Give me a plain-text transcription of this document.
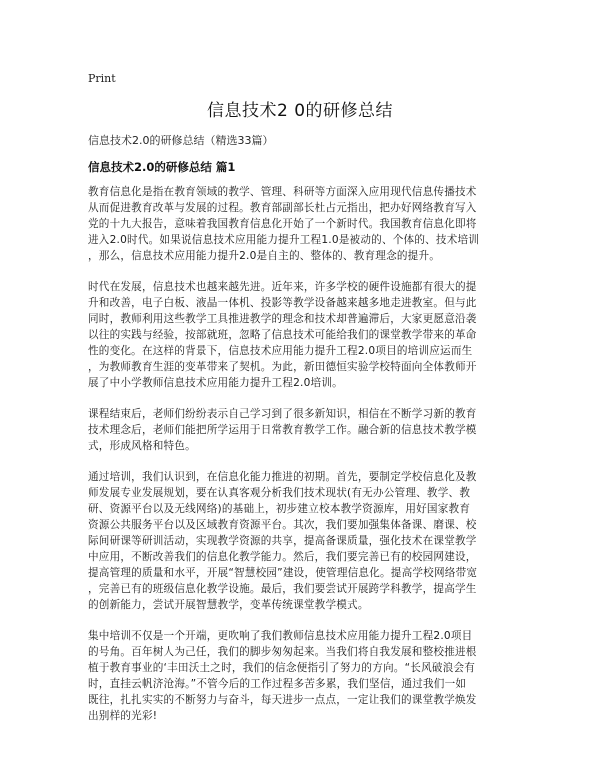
Print
信息技术2 0的研修总结
信息技术2.0的研修总结（精选33篇）
信息技术2.0的研修总结 篇1
教育信息化是指在教育领域的教学、管理、科研等方面深入应用现代信息传播技术
从而促进教育改革与发展的过程。教育部副部长杜占元指出，把办好网络教育写入
党的十九大报告，意味着我国教育信息化开始了一个新时代。我国教育信息化即将
进入2.0时代。如果说信息技术应用能力提升工程1.0是被动的、个体的、技术培训
，那么，信息技术应用能力提升2.0是自主的、整体的、教育理念的提升。
时代在发展，信息技术也越来越先进。近年来，许多学校的硬件设施都有很大的提
升和改善，电子白板、液晶一体机、投影等教学设备越来越多地走进教室。但与此
同时，教师利用这些教学工具推进教学的理念和技术却普遍滞后，大家更愿意沿袭
以往的实践与经验，按部就班，忽略了信息技术可能给我们的课堂教学带来的革命
性的变化。在这样的背景下，信息技术应用能力提升工程2.0项目的培训应运而生
，为教师教育生涯的变革带来了契机。为此，新田德恒实验学校特面向全体教师开
展了中小学教师信息技术应用能力提升工程2.0培训。
课程结束后，老师们纷纷表示自己学习到了很多新知识，相信在不断学习新的教育
技术理念后，老师们能把所学运用于日常教育教学工作。融合新的信息技术教学模
式，形成风格和特色。
通过培训，我们认识到，在信息化能力推进的初期。首先，要制定学校信息化及教
师发展专业发展规划，要在认真客观分析我们技术现状(有无办公管理、教学、教
研、资源平台以及无线网络)的基础上，初步建立校本教学资源库，用好国家教育
资源公共服务平台以及区域教育资源平台。其次，我们要加强集体备课、磨课、校
际间研课等研训活动，实现教学资源的共享，提高备课质量，强化技术在课堂教学
中应用，不断改善我们的信息化教学能力。然后，我们要完善已有的校园网建设，
提高管理的质量和水平，开展“智慧校园”建设，使管理信息化。提高学校网络带宽
，完善已有的班级信息化教学设施。最后，我们要尝试开展跨学科教学，提高学生
的创新能力，尝试开展智慧教学，变革传统课堂教学模式。
集中培训不仅是一个开端，更吹响了我们教师信息技术应用能力提升工程2.0项目
的号角。百年树人为己任，我们的脚步匆匆起来。当我们将自我发展和整校推进根
植于教育事业的‘丰田沃土之时，我们的信念便指引了努力的方向。“长风破浪会有
时，直挂云帆济沧海。”不管今后的工作过程多苦多累，我们坚信，通过我们一如
既往，扎扎实实的不断努力与奋斗，每天进步一点点，一定让我们的课堂教学焕发
出别样的光彩!
